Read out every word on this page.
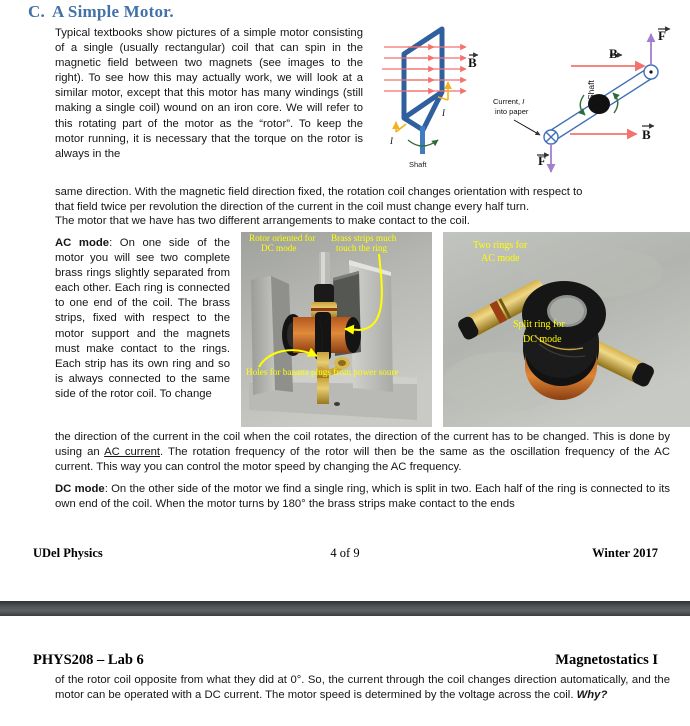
C. A Simple Motor.
Typical textbooks show pictures of a simple motor consisting of a single (usually rectangular) coil that can spin in the magnetic field between two magnets (see images to the right). To see how this may actually work, we will look at a similar motor, except that this motor has many windings (still making a single coil) wound on an iron core. We will refer to this rotating part of the motor as the “rotor”. To keep the motor running, it is necessary that the torque on the rotor is always in the
B
I
I
Shaft
Shaft
B
B
F
F
Current, I
into paper
same direction. With the magnetic field direction fixed, the rotation coil changes orientation with respect to
that field twice per revolution the direction of the current in the coil must change every half turn.
The motor that we have has two different arrangements to make contact to the coil.
AC mode: On one side of the motor you will see two complete brass rings slightly separated from each other. Each ring is connected to one end of the coil. The brass strips, fixed with respect to the motor support and the magnets must make contact to the rings. Each strip has its own ring and so is always connected to the same side of the rotor coil. To change
Rotor oriented for
DC mode
Brass strips much
touch the ring
Holes for banana plugs from power soure
Two rings for
AC mode
Split ring for
DC mode
the direction of the current in the coil when the coil rotates, the direction of the current has to be changed. This is done by using an AC current. The rotation frequency of the rotor will then be the same as the oscillation frequency of the AC current. This way you can control the motor speed by changing the AC frequency.
DC mode: On the other side of the motor we find a single ring, which is split in two. Each half of the ring is connected to its own end of the coil. When the motor turns by 180° the brass strips make contact to the ends
UDel Physics	4 of 9	Winter 2017
PHYS208 – Lab 6	Magnetostatics I
of the rotor coil opposite from what they did at 0°. So, the current through the coil changes direction automatically, and the motor can be operated with a DC current. The motor speed is determined by the voltage across the coil. Why?
